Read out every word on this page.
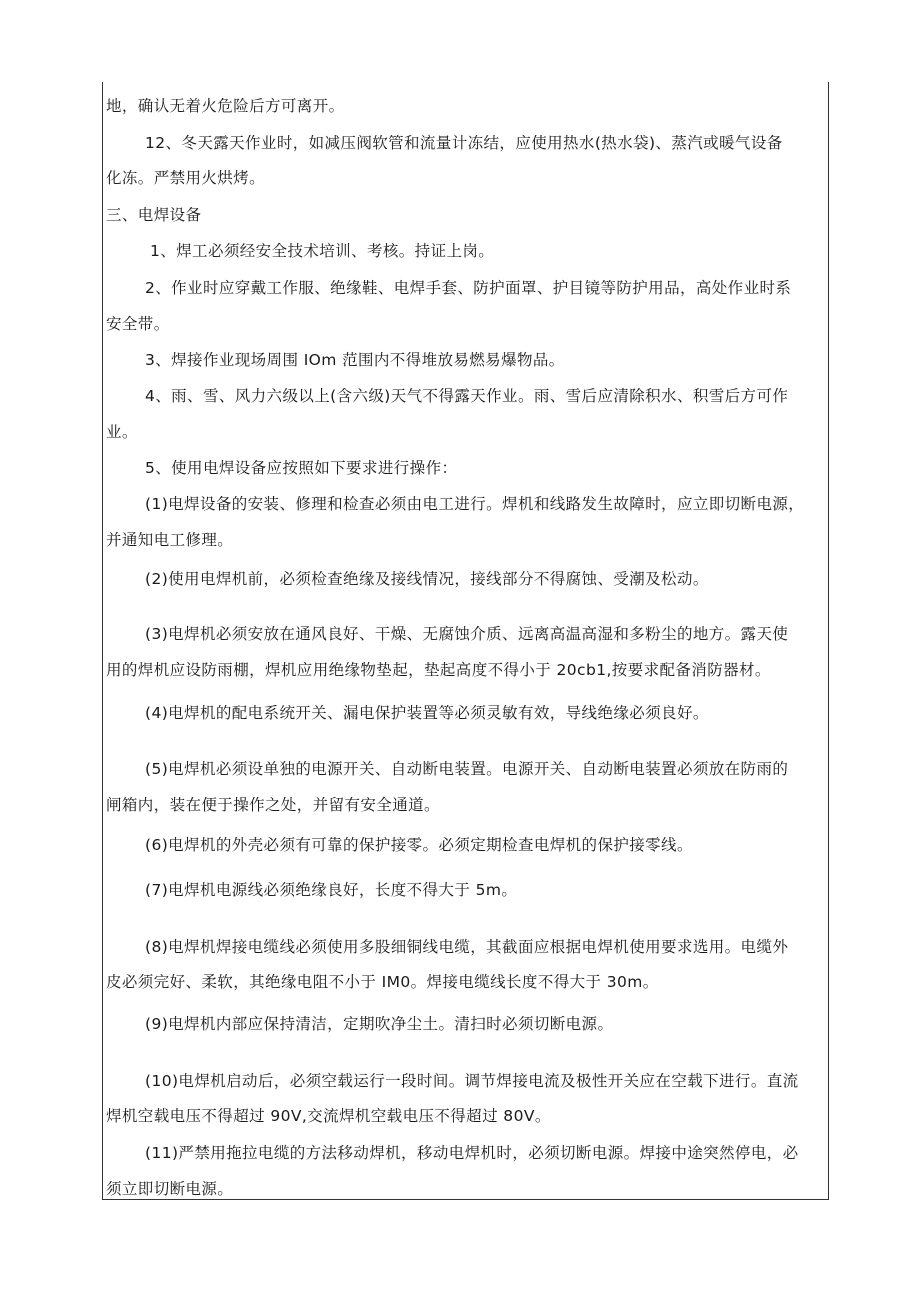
地，确认无着火危险后方可离开。
12、冬天露天作业时，如减压阀软管和流量计冻结，应使用热水(热水袋)、蒸汽或暖气设备
化冻。严禁用火烘烤。
三、电焊设备
1、焊工必须经安全技术培训、考核。持证上岗。
2、作业时应穿戴工作服、绝缘鞋、电焊手套、防护面罩、护目镜等防护用品，高处作业时系
安全带。
3、焊接作业现场周围 IOm 范围内不得堆放易燃易爆物品。
4、雨、雪、风力六级以上(含六级)天气不得露天作业。雨、雪后应清除积水、积雪后方可作
业。
5、使用电焊设备应按照如下要求进行操作：
(1)电焊设备的安装、修理和检查必须由电工进行。焊机和线路发生故障时，应立即切断电源，
并通知电工修理。
(2)使用电焊机前，必须检查绝缘及接线情况，接线部分不得腐蚀、受潮及松动。
(3)电焊机必须安放在通风良好、干燥、无腐蚀介质、远离高温高湿和多粉尘的地方。露天使
用的焊机应设防雨棚，焊机应用绝缘物垫起，垫起高度不得小于 20cb1,按要求配备消防器材。
(4)电焊机的配电系统开关、漏电保护装置等必须灵敏有效，导线绝缘必须良好。
(5)电焊机必须设单独的电源开关、自动断电装置。电源开关、自动断电装置必须放在防雨的
闸箱内，装在便于操作之处，并留有安全通道。
(6)电焊机的外壳必须有可靠的保护接零。必须定期检查电焊机的保护接零线。
(7)电焊机电源线必须绝缘良好，长度不得大于 5m。
(8)电焊机焊接电缆线必须使用多股细铜线电缆，其截面应根据电焊机使用要求选用。电缆外
皮必须完好、柔软，其绝缘电阻不小于 IM0。焊接电缆线长度不得大于 30m。
(9)电焊机内部应保持清洁，定期吹净尘土。清扫时必须切断电源。
(10)电焊机启动后，必须空载运行一段时间。调节焊接电流及极性开关应在空载下进行。直流
焊机空载电压不得超过 90V,交流焊机空载电压不得超过 80V。
(11)严禁用拖拉电缆的方法移动焊机，移动电焊机时，必须切断电源。焊接中途突然停电，必
须立即切断电源。
